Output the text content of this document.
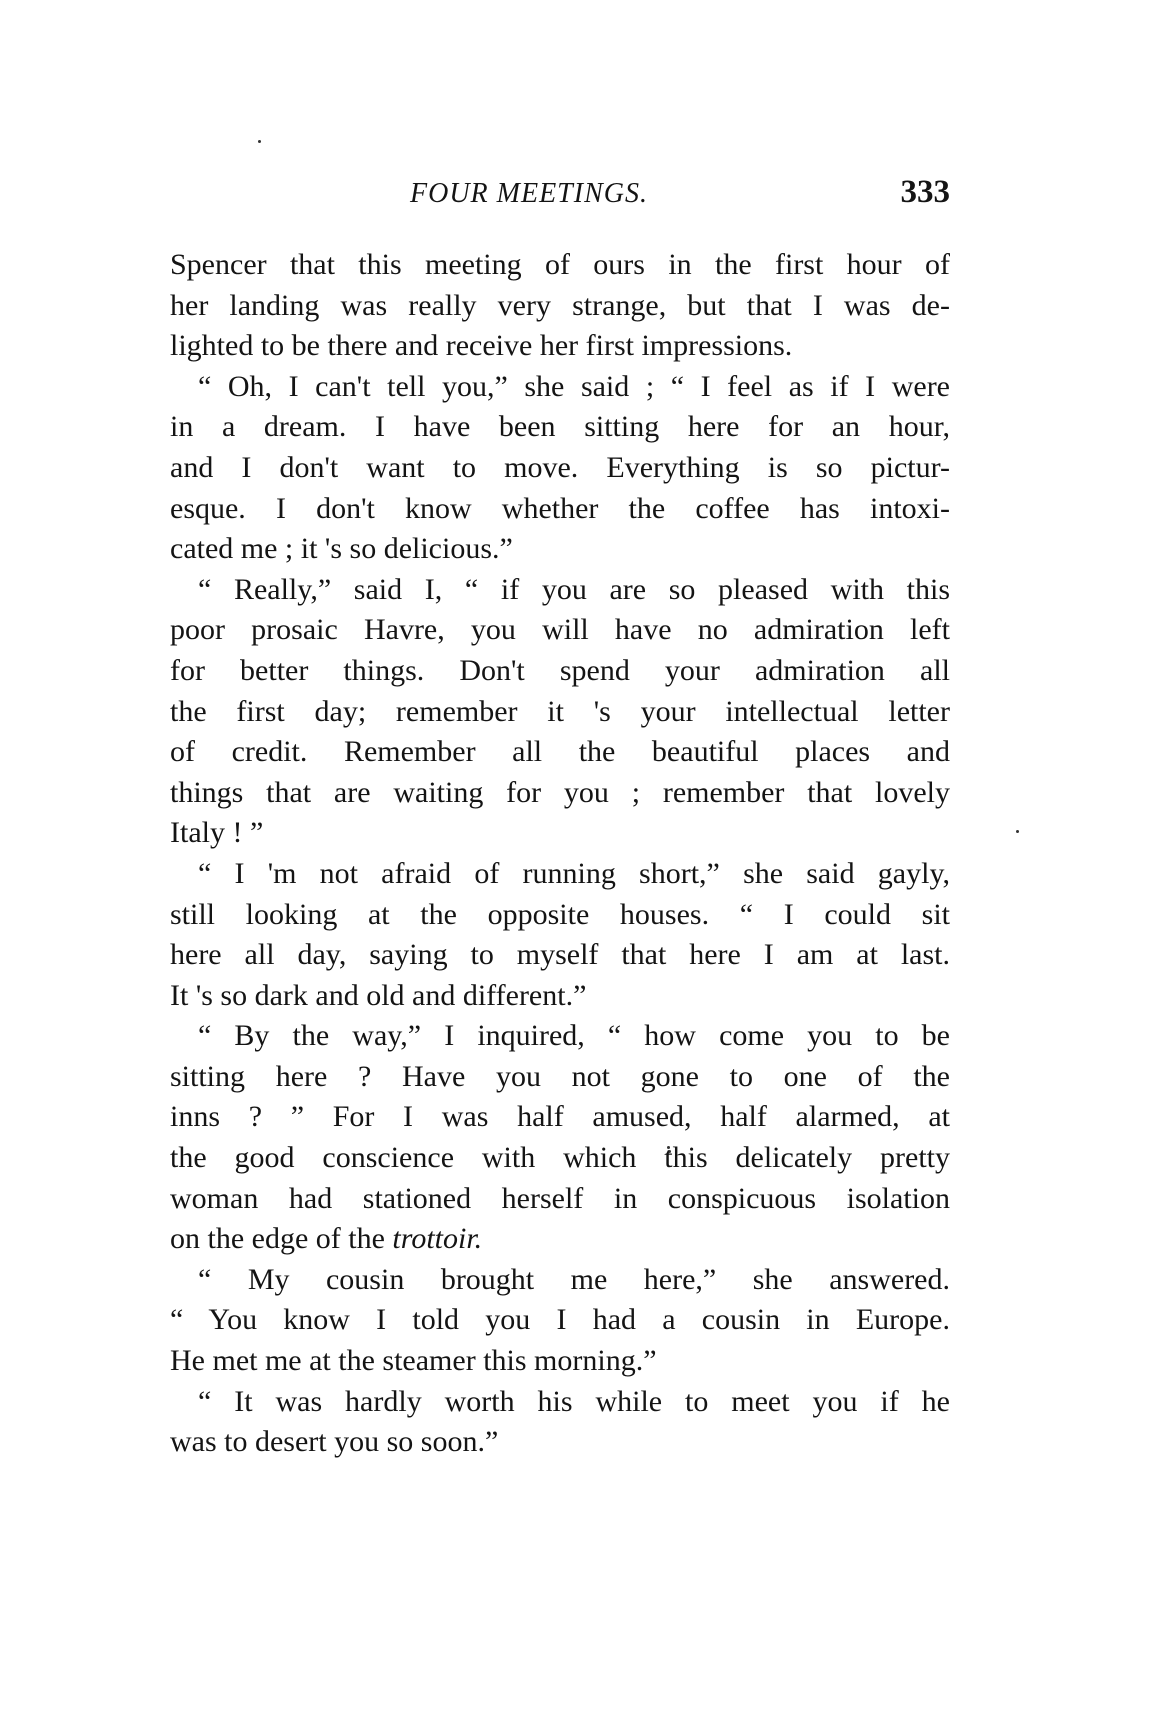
FOUR MEETINGS.	333
Spencer that this meeting of ours in the first hour of
her landing was really very strange, but that I was de-
lighted to be there and receive her first impressions.
“ Oh, I can't tell you,” she said ; “ I feel as if I were
in a dream. I have been sitting here for an hour,
and I don't want to move. Everything is so pictur-
esque. I don't know whether the coffee has intoxi-
cated me ; it 's so delicious.”
“ Really,” said I, “ if you are so pleased with this
poor prosaic Havre, you will have no admiration left
for better things. Don't spend your admiration all
the first day; remember it 's your intellectual letter
of credit. Remember all the beautiful places and
things that are waiting for you ; remember that lovely
Italy ! ”
“ I 'm not afraid of running short,” she said gayly,
still looking at the opposite houses. “ I could sit
here all day, saying to myself that here I am at last.
It 's so dark and old and different.”
“ By the way,” I inquired, “ how come you to be
sitting here ? Have you not gone to one of the
inns ? ” For I was half amused, half alarmed, at
the good conscience with which this delicately pretty
woman had stationed herself in conspicuous isolation
on the edge of the trottoir.
“ My cousin brought me here,” she answered.
“ You know I told you I had a cousin in Europe.
He met me at the steamer this morning.”
“ It was hardly worth his while to meet you if he
was to desert you so soon.”
